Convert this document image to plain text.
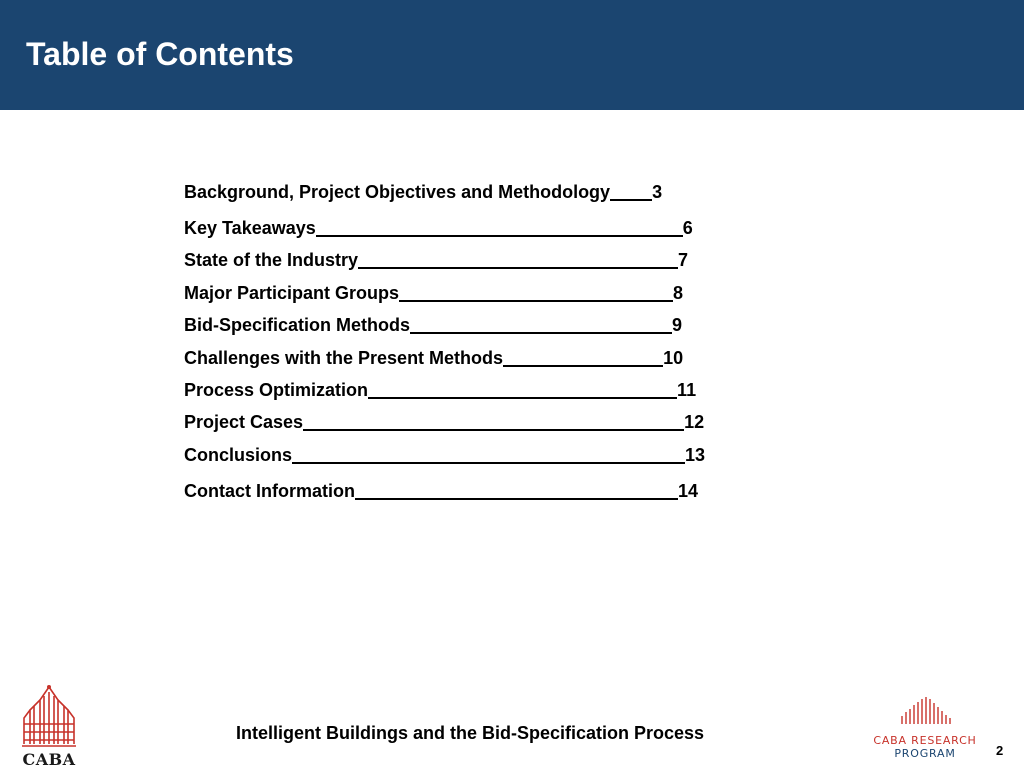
Table of Contents
Background, Project Objectives and Methodology 3
Key Takeaways	6
State of the Industry	7
Major Participant Groups	8
Bid-Specification Methods	9
Challenges with the Present Methods	10
Process Optimization	11
Project Cases	12
Conclusions	13
Contact Information	14
CABA

Intelligent Buildings and the Bid-Specification Process	CABA RESEARCH
PROGRAM	2
